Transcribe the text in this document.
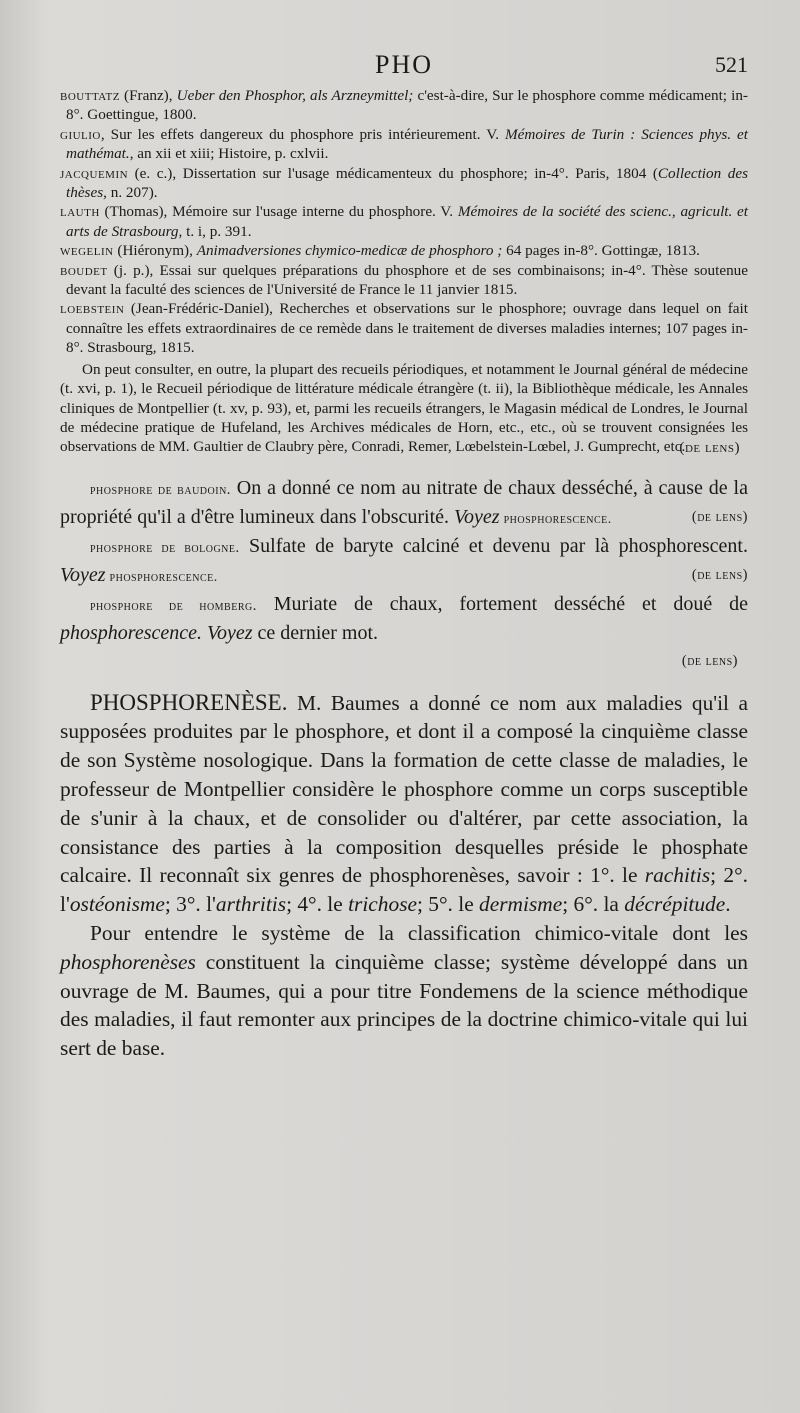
PHO	521

bouttatz (Franz), Ueber den Phosphor, als Arzneymittel; c'est-à-dire, Sur le phosphore comme médicament; in-8°. Goettingue, 1800.

giulio, Sur les effets dangereux du phosphore pris intérieurement. V. Mémoires de Turin : Sciences phys. et mathémat., an xii et xiii; Histoire, p. cxlvii.

jacquemin (e. c.), Dissertation sur l'usage médicamenteux du phosphore; in-4°. Paris, 1804 (Collection des thèses, n. 207).

lauth (Thomas), Mémoire sur l'usage interne du phosphore. V. Mémoires de la société des scienc., agricult. et arts de Strasbourg, t. i, p. 391.

wegelin (Hiéronym), Animadversiones chymico-medicæ de phosphoro ; 64 pages in-8°. Gottingæ, 1813.

boudet (j. p.), Essai sur quelques préparations du phosphore et de ses combinaisons; in-4°. Thèse soutenue devant la faculté des sciences de l'Université de France le 11 janvier 1815.

loebstein (Jean-Frédéric-Daniel), Recherches et observations sur le phosphore; ouvrage dans lequel on fait connaître les effets extraordinaires de ce remède dans le traitement de diverses maladies internes; 107 pages in-8°. Strasbourg, 1815.

On peut consulter, en outre, la plupart des recueils périodiques, et notamment le Journal général de médecine (t. xvi, p. 1), le Recueil périodique de littérature médicale étrangère (t. ii), la Bibliothèque médicale, les Annales cliniques de Montpellier (t. xv, p. 93), et, parmi les recueils étrangers, le Magasin médical de Londres, le Journal de médecine pratique de Hufeland, les Archives médicales de Horn, etc., etc., où se trouvent consignées les observations de MM. Gaultier de Claubry père, Conradi, Remer, Lœbelstein-Lœbel, J. Gumprecht, etc.

(de lens)

phosphore de baudoin. On a donné ce nom au nitrate de chaux desséché, à cause de la propriété qu'il a d'être lumineux dans l'obscurité. Voyez phosphorescence.	(de lens)

phosphore de bologne. Sulfate de baryte calciné et devenu par là phosphorescent. Voyez phosphorescence.	(de lens)

phosphore de homberg. Muriate de chaux, fortement desséché et doué de phosphorescence. Voyez ce dernier mot.

(de lens)

PHOSPHORENÈSE. M. Baumes a donné ce nom aux maladies qu'il a supposées produites par le phosphore, et dont il a composé la cinquième classe de son Système nosologique. Dans la formation de cette classe de maladies, le professeur de Montpellier considère le phosphore comme un corps susceptible de s'unir à la chaux, et de consolider ou d'altérer, par cette association, la consistance des parties à la composition desquelles préside le phosphate calcaire. Il reconnaît six genres de phosphorenèses, savoir : 1°. le rachitis; 2°. l'ostéonisme; 3°. l'arthritis; 4°. le trichose; 5°. le dermisme; 6°. la décrépitude.

Pour entendre le système de la classification chimico-vitale dont les phosphorenèses constituent la cinquième classe; système développé dans un ouvrage de M. Baumes, qui a pour titre Fondemens de la science méthodique des maladies, il faut remonter aux principes de la doctrine chimico-vitale qui lui sert de base.
